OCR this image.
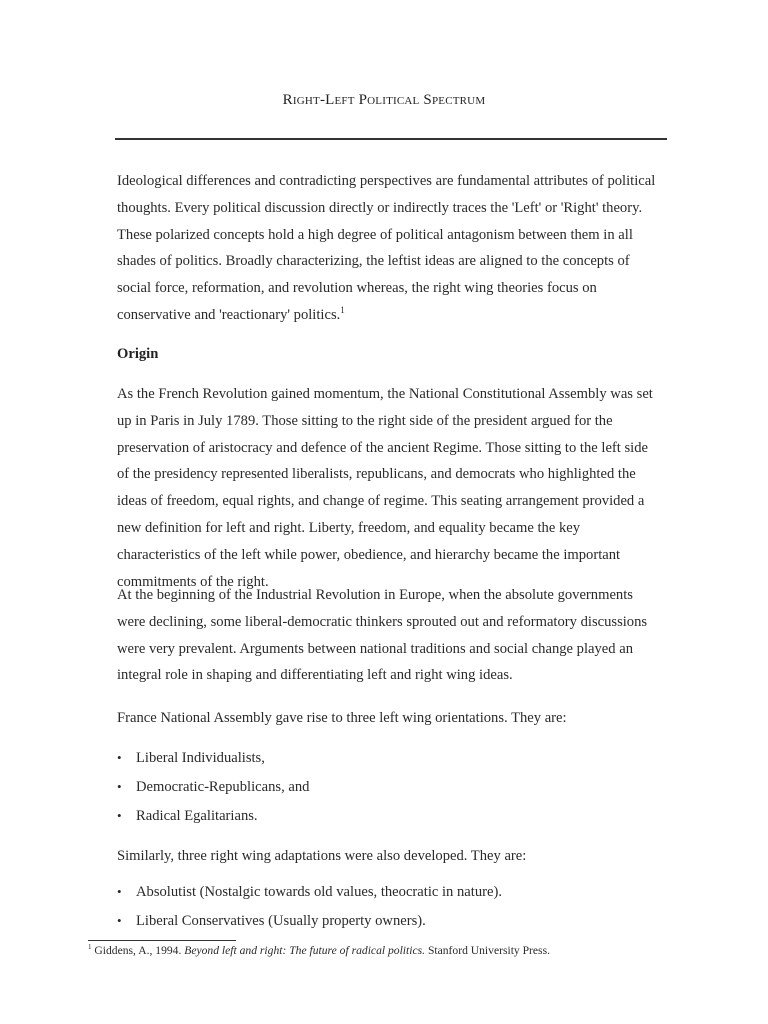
Right-Left Political Spectrum

Ideological differences and contradicting perspectives are fundamental attributes of political thoughts. Every political discussion directly or indirectly traces the 'Left' or 'Right' theory. These polarized concepts hold a high degree of political antagonism between them in all shades of politics. Broadly characterizing, the leftist ideas are aligned to the concepts of social force, reformation, and revolution whereas, the right wing theories focus on conservative and 'reactionary' politics.$^1$

Origin

As the French Revolution gained momentum, the National Constitutional Assembly was set up in Paris in July 1789. Those sitting to the right side of the president argued for the preservation of aristocracy and defence of the ancient Regime. Those sitting to the left side of the presidency represented liberalists, republicans, and democrats who highlighted the ideas of freedom, equal rights, and change of regime. This seating arrangement provided a new definition for left and right. Liberty, freedom, and equality became the key characteristics of the left while power, obedience, and hierarchy became the important commitments of the right.

At the beginning of the Industrial Revolution in Europe, when the absolute governments were declining, some liberal-democratic thinkers sprouted out and reformatory discussions were very prevalent. Arguments between national traditions and social change played an integral role in shaping and differentiating left and right wing ideas.

France National Assembly gave rise to three left wing orientations. They are:

• Liberal Individualists,
• Democratic-Republicans, and
• Radical Egalitarians.

Similarly, three right wing adaptations were also developed. They are:

• Absolutist (Nostalgic towards old values, theocratic in nature).
• Liberal Conservatives (Usually property owners).
$^1$ Giddens, A., 1994. Beyond left and right: The future of radical politics. Stanford University Press.
